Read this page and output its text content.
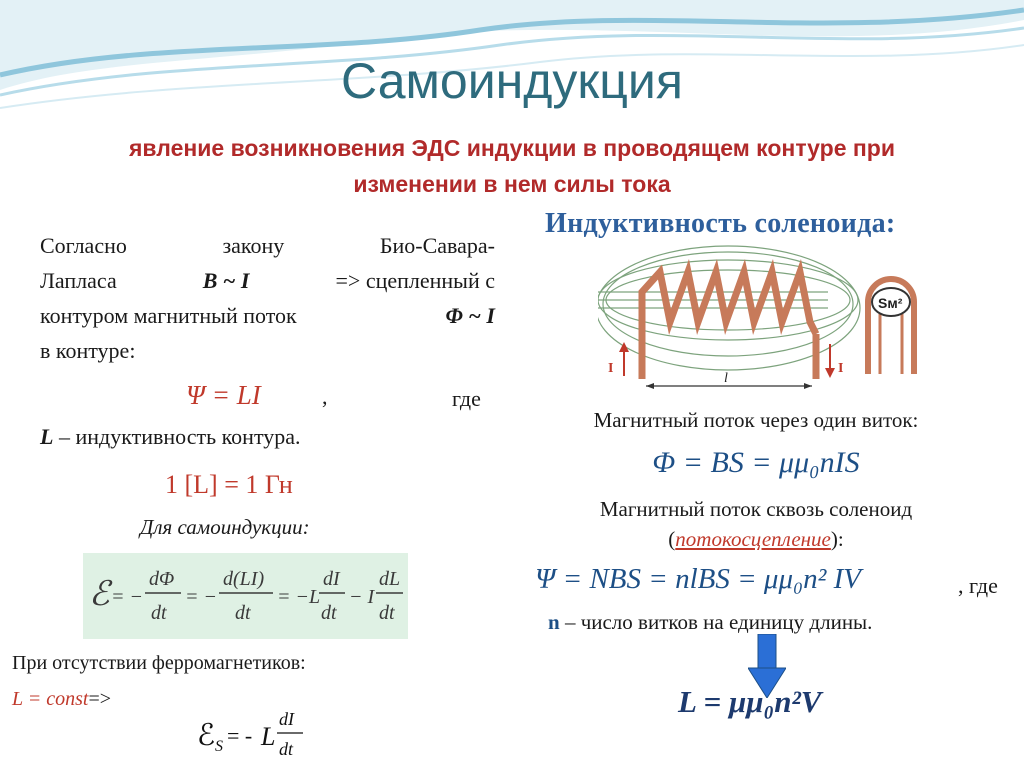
Самоиндукция
явление возникновения ЭДС индукции в проводящем контуре при
изменении в нем силы тока
Согласно	закону	Био-Савара-
Лапласа	B ~ I	=> сцепленный с
контуром магнитный поток	Φ ~ I
в контуре:
Ψ = LI	,	где
L – индуктивность контура.
1 [L] = 1 Гн
Для самоиндукции:
ℰ = −
dΦ
dt
= −
d(LI)
dt
= −L
dI
dt
− I
dL
dt
При отсутствии ферромагнетиков:
L = const=>
ℰ S = - L
dI
dt
Индуктивность соленоида:
I	I
l
Sм²
Магнитный поток через один виток:
Φ = BS = μμ₀nIS
Магнитный поток сквозь соленоид
(потокосцепление):
Ψ = NBS = nlBS = μμ₀n² IV	, где
n – число витков на единицу длины.
L = μμ₀n²V
